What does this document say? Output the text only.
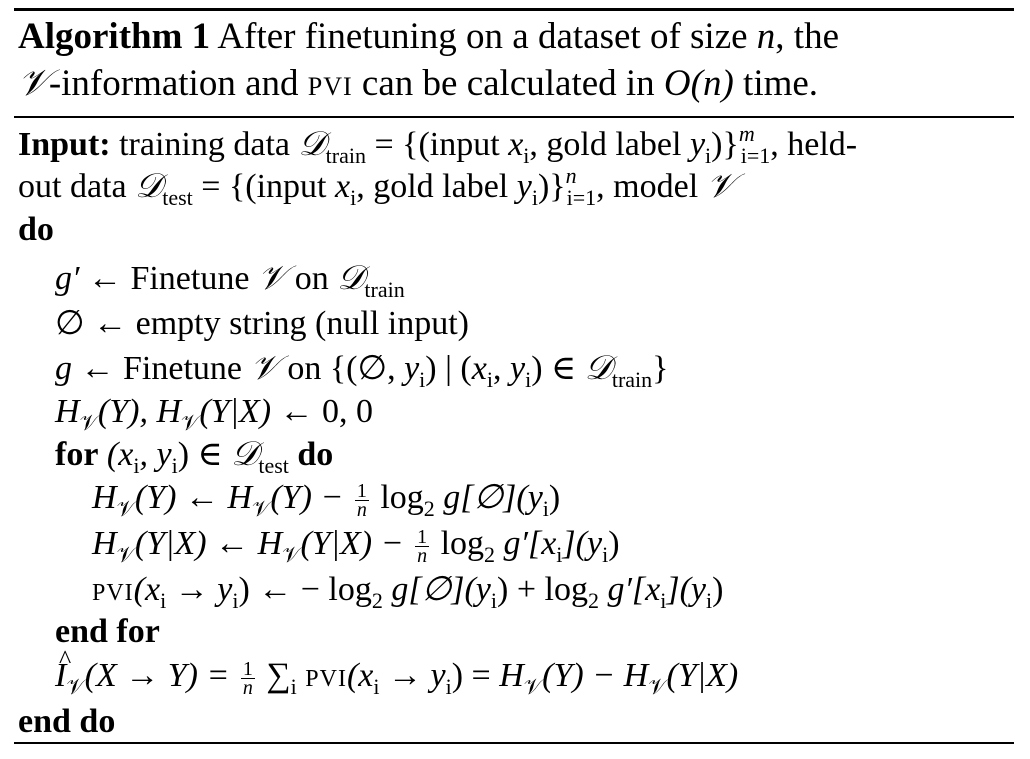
Algorithm 1 After finetuning on a dataset of size n, the
𝒱-information and pvi can be calculated in O(n) time.
Input: training data 𝒟$_{train}$ = {(input $x_i$, gold label $y_i)\}^m_{i=1}$, held-
out data 𝒟$_{test}$ = {(input $x_i$, gold label $y_i)\}^n_{i=1}$, model 𝒱
do
g′ ← Finetune 𝒱 on 𝒟$_{train}$
∅ ← empty string (null input)
g ← Finetune 𝒱 on {(∅, $y_i$) | ($x_i$, $y_i$) ∈ 𝒟$_{train}$}
$H_𝒱(Y)$, $H_𝒱(Y|X)$ ← 0, 0
for ($x_i$, $y_i$) ∈ 𝒟$_{test}$ do
$H_𝒱(Y)$ ← $H_𝒱(Y) - \frac{1}{n} \log_2$ $g[\emptyset](y_i)$
$H_𝒱(Y|X)$ ← $H_𝒱(Y|X) - \frac{1}{n} \log_2 g'[x_i](y_i)$
$pvi(x_i \to y_i)$ ← − $\log_2$ $g[\emptyset](y_i) + \log_2 g'[x_i](y_i)$
end for
^ $I_𝒱(X \to Y) = \frac{1}{n} \sum_i$ $pvi(x_i \to y_i) = H_𝒱(Y) - H_𝒱(Y|X)$
end do
